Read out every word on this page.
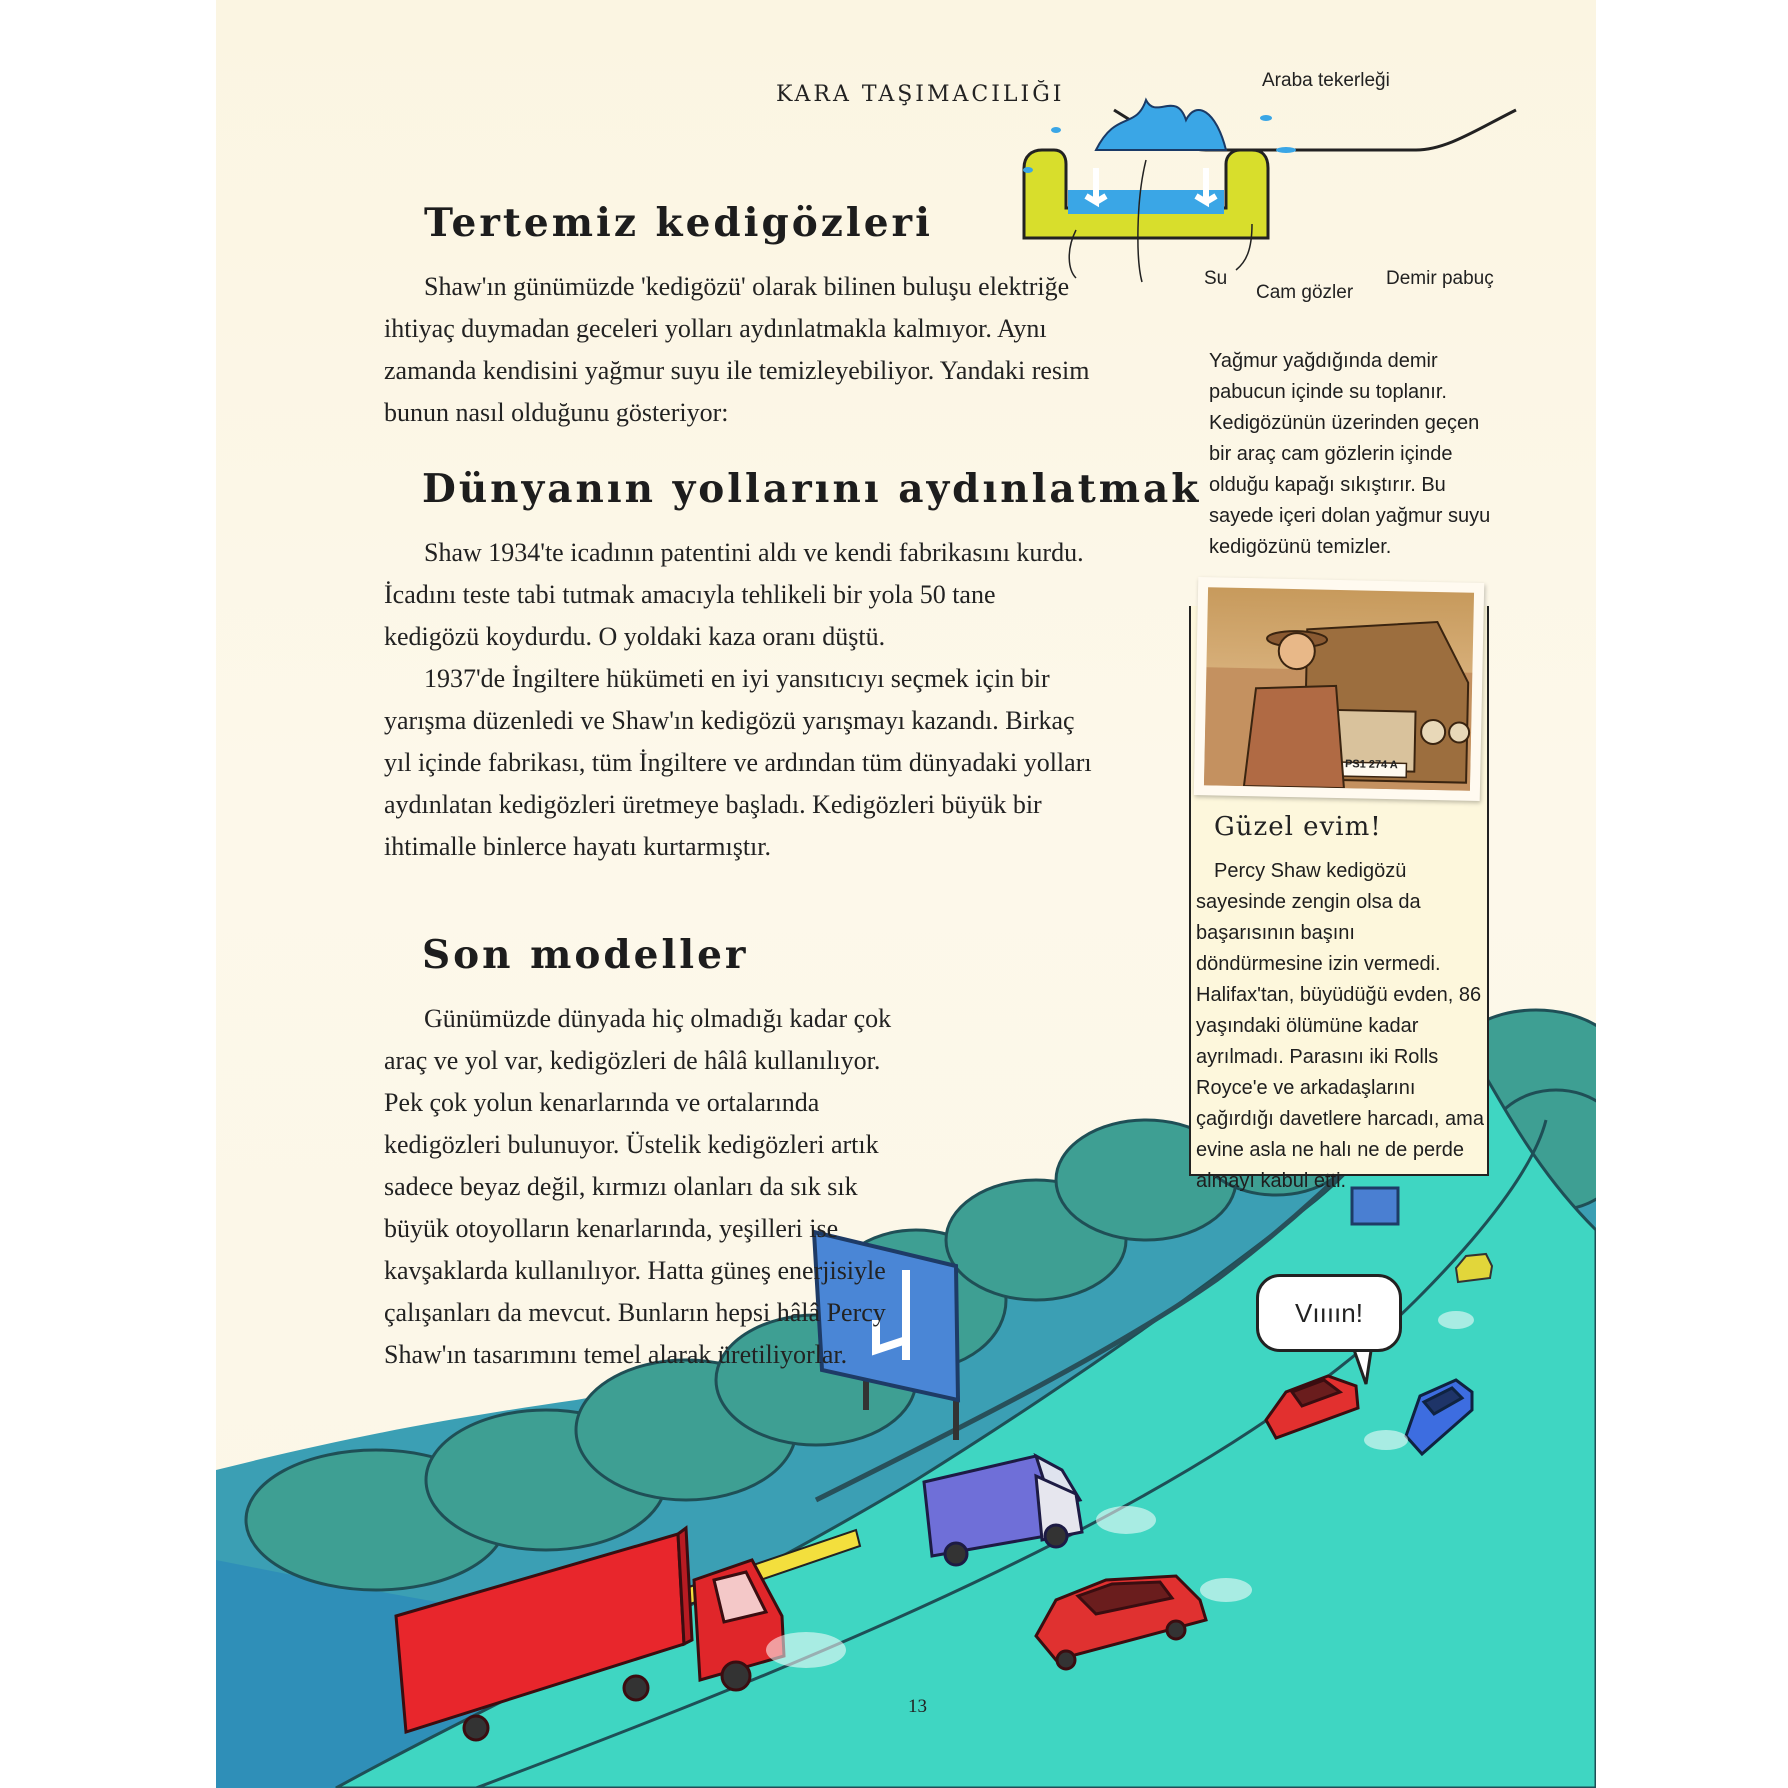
KARA TAŞIMACILIĞI
Tertemiz kedigözleri

Shaw'ın günümüzde 'kedigözü' olarak bilinen buluşu elektriğe ihtiyaç duymadan geceleri yolları aydınlatmakla kalmıyor. Aynı zamanda kendisini yağmur suyu ile temizleyebiliyor. Yandaki resim bunun nasıl olduğunu gösteriyor:

Dünyanın yollarını aydınlatmak

Shaw 1934'te icadının patentini aldı ve kendi fabrikasını kurdu. İcadını teste tabi tutmak amacıyla tehlikeli bir yola 50 tane kedigözü koydurdu. O yoldaki kaza oranı düştü.

1937'de İngiltere hükümeti en iyi yansıtıcıyı seçmek için bir yarışma düzenledi ve Shaw'ın kedigözü yarışmayı kazandı. Birkaç yıl içinde fabrikası, tüm İngiltere ve ardından tüm dünyadaki yolları aydınlatan kedigözleri üretmeye başladı. Kedigözleri büyük bir ihtimalle binlerce hayatı kurtarmıştır.

Son modeller

Günümüzde dünyada hiç olmadığı kadar çok araç ve yol var, kedigözleri de hâlâ kullanılıyor. Pek çok yolun kenarlarında ve ortalarında kedigözleri bulunuyor. Üstelik kedigözleri artık sadece beyaz değil, kırmızı olanları da sık sık büyük otoyolların kenarlarında, yeşilleri ise kavşaklarda kullanılıyor. Hatta güneş enerjisiyle çalışanları da mevcut. Bunların hepsi hâlâ Percy Shaw'ın tasarımını temel alarak üretiliyorlar.

Araba tekerleği
Su
Cam gözler
Demir pabuç
Yağmur yağdığında demir pabucun içinde su toplanır. Kedigözünün üzerinden geçen bir araç cam gözlerin içinde olduğu kapağı sıkıştırır. Bu sayede içeri dolan yağmur suyu kedigözünü temizler.
PS1 274 A
Güzel evim!

Percy Shaw kedigözü sayesinde zengin olsa da başarısının başını döndürmesine izin vermedi. Halifax'tan, büyüdüğü evden, 86 yaşındaki ölümüne kadar ayrılmadı. Parasını iki Rolls Royce'e ve arkadaşlarını çağırdığı davetlere harcadı, ama evine asla ne halı ne de perde almayı kabul etti.

Vıııın!
13
